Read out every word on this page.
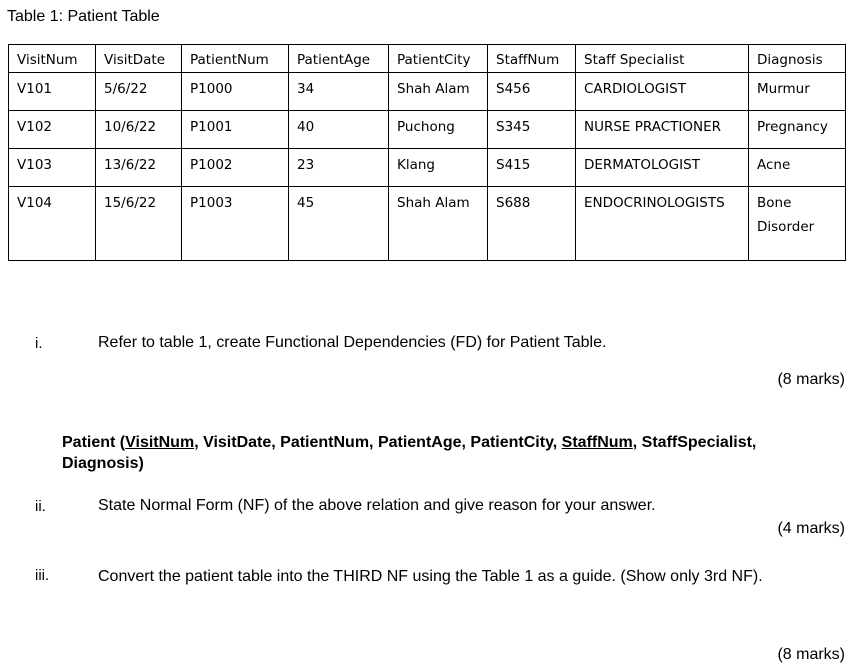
Table 1: Patient Table
VisitNum	VisitDate	PatientNum	PatientAge	PatientCity	StaffNum	Staff Specialist	Diagnosis
V101	5/6/22	P1000	34	Shah Alam	S456	CARDIOLOGIST	Murmur
V102	10/6/22	P1001	40	Puchong	S345	NURSE PRACTIONER	Pregnancy
V103	13/6/22	P1002	23	Klang	S415	DERMATOLOGIST	Acne
V104	15/6/22	P1003	45	Shah Alam	S688	ENDOCRINOLOGISTS	Bone Disorder
i.	Refer to table 1, create Functional Dependencies (FD) for Patient Table.
(8 marks)
Patient (VisitNum, VisitDate, PatientNum, PatientAge, PatientCity, StaffNum, StaffSpecialist, Diagnosis)
ii.	State Normal Form (NF) of the above relation and give reason for your answer.
(4 marks)
iii.	Convert the patient table into the THIRD NF using the Table 1 as a guide. (Show only 3rd NF).
(8 marks)
